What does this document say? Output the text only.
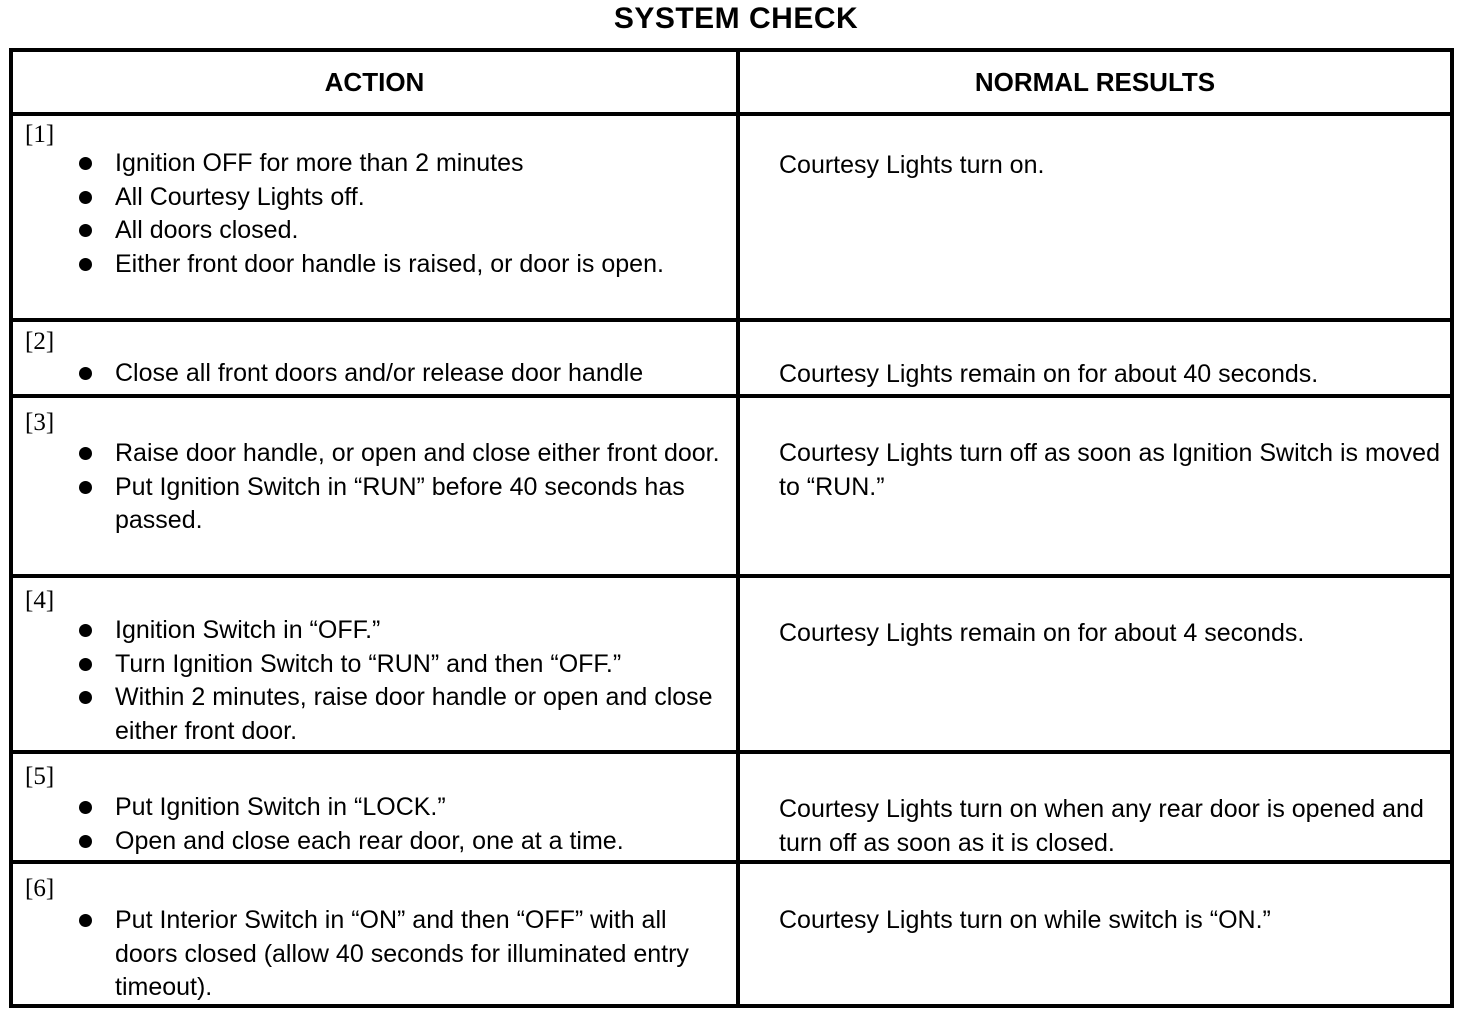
SYSTEM CHECK
ACTION	NORMAL RESULTS
[1]
Ignition OFF for more than 2 minutes
All Courtesy Lights off.
All doors closed.
Either front door handle is raised, or door is open.
Courtesy Lights turn on.
[2]
Close all front doors and/or release door handle	Courtesy Lights remain on for about 40 seconds.
[3]
Raise door handle, or open and close either front door.
Put Ignition Switch in “RUN” before 40 seconds has passed.
Courtesy Lights turn off as soon as Ignition Switch is moved to “RUN.”
[4]
Ignition Switch in “OFF.”
Turn Ignition Switch to “RUN” and then “OFF.”
Within 2 minutes, raise door handle or open and close either front door.
Courtesy Lights remain on for about 4 seconds.
[5]
Put Ignition Switch in “LOCK.”
Open and close each rear door, one at a time.
Courtesy Lights turn on when any rear door is opened and turn off as soon as it is closed.
[6]
Put Interior Switch in “ON” and then “OFF” with all doors closed (allow 40 seconds for illuminated entry timeout).
Courtesy Lights turn on while switch is “ON.”
